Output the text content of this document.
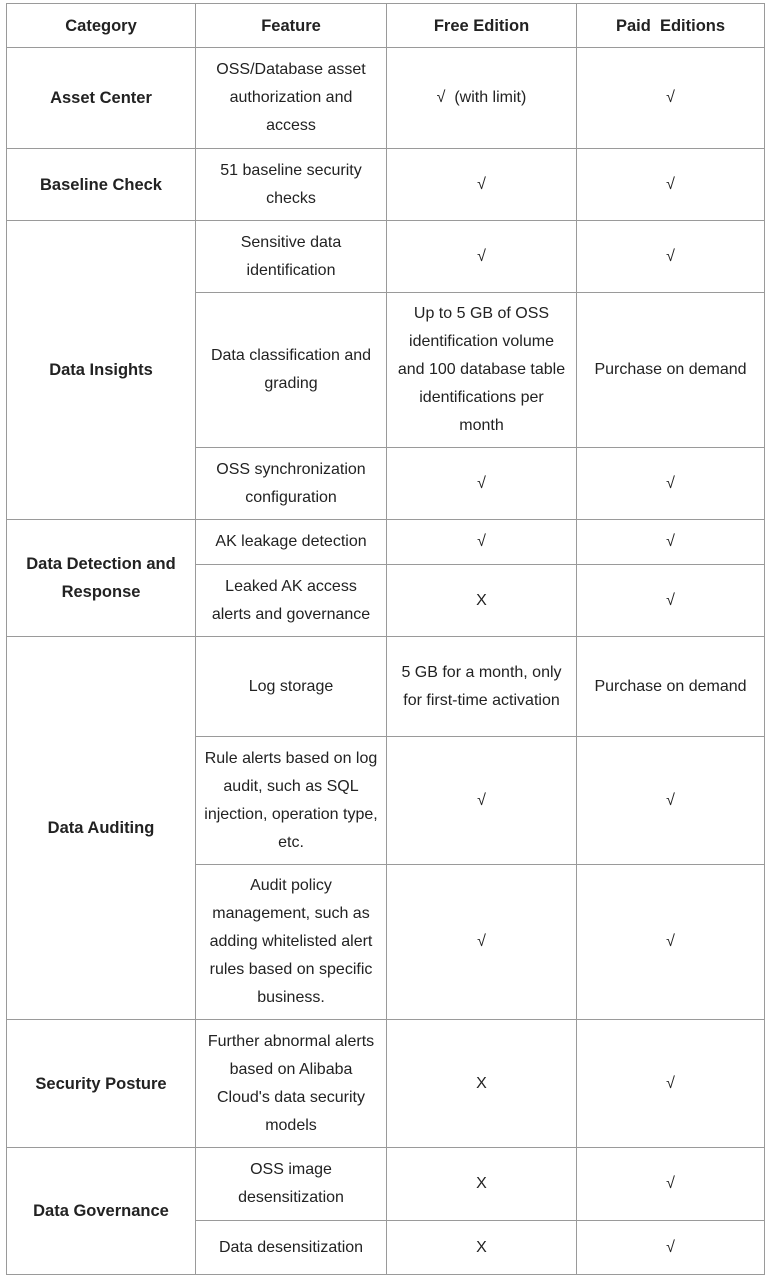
Category	Feature	Free Edition	Paid  Editions
Asset Center	OSS/Database asset authorization and access	√  (with limit)	√
Baseline Check	51 baseline security checks	√	√
Data Insights	Sensitive data identification	√	√
	Data classification and grading	Up to 5 GB of OSS identification volume and 100 database table identifications per month	Purchase on demand
	OSS synchronization configuration	√	√
Data Detection and Response	AK leakage detection	√	√
	Leaked AK access alerts and governance	X	√
Data Auditing	Log storage	5 GB for a month, only for first-time activation	Purchase on demand
	Rule alerts based on log audit, such as SQL injection, operation type, etc.	√	√
	Audit policy management, such as adding whitelisted alert rules based on specific business.	√	√
Security Posture	Further abnormal alerts based on Alibaba Cloud's data security models	X	√
Data Governance	OSS image desensitization	X	√
	Data desensitization	X	√
